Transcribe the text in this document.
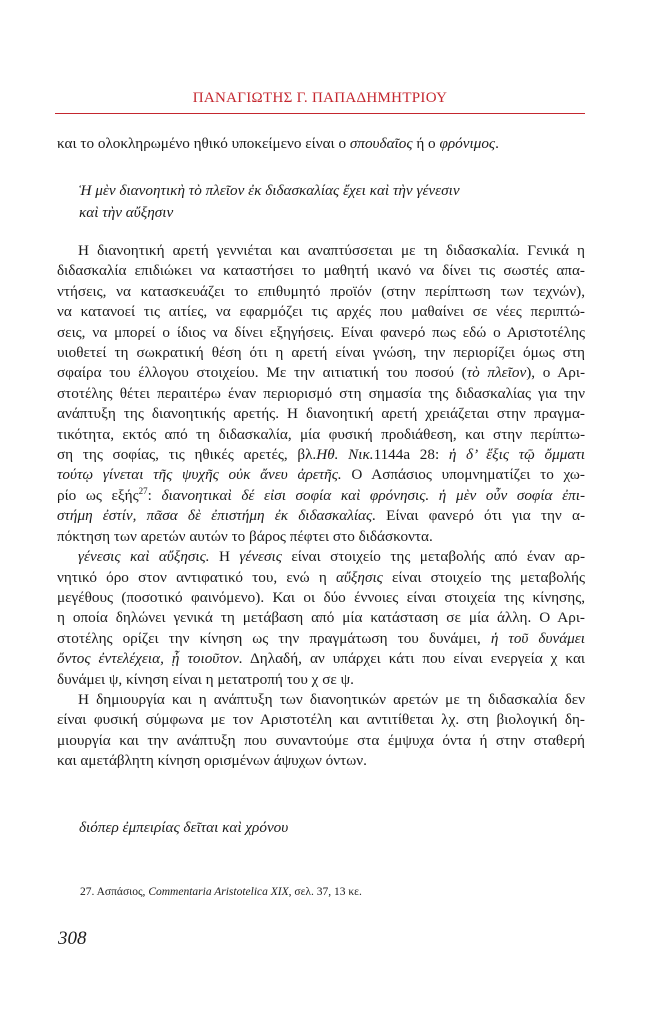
ΠΑΝΑΓΙΩΤΗΣ Γ. ΠΑΠΑΔΗΜΗΤΡΙΟΥ
και το ολοκληρωμένο ηθικό υποκείμενο είναι ο σπουδαῖος ή ο φρόνιμος.
Ἡ μὲν διανοητικὴ τὸ πλεῖον ἐκ διδασκαλίας ἔχει καὶ τὴν γένεσιν
καὶ τὴν αὔξησιν
Η διανοητική αρετή γεννιέται και αναπτύσσεται με τη διδασκαλία. Γενικά η
διδασκαλία επιδιώκει να καταστήσει το μαθητή ικανό να δίνει τις σωστές απα-
ντήσεις, να κατασκευάζει το επιθυμητό προϊόν (στην περίπτωση των τεχνών),
να κατανοεί τις αιτίες, να εφαρμόζει τις αρχές που μαθαίνει σε νέες περιπτώ-
σεις, να μπορεί ο ίδιος να δίνει εξηγήσεις. Είναι φανερό πως εδώ ο Αριστοτέλης
υιοθετεί τη σωκρατική θέση ότι η αρετή είναι γνώση, την περιορίζει όμως στη
σφαίρα του έλλογου στοιχείου. Με την αιτιατική του ποσού (τὸ πλεῖον), ο Αρι-
στοτέλης θέτει περαιτέρω έναν περιορισμό στη σημασία της διδασκαλίας για την
ανάπτυξη της διανοητικής αρετής. Η διανοητική αρετή χρειάζεται στην πραγμα-
τικότητα, εκτός από τη διδασκαλία, μία φυσική προδιάθεση, και στην περίπτω-
ση της σοφίας, τις ηθικές αρετές, βλ.Ηθ. Νικ.1144a 28: ἡ δ’ ἕξις τῷ ὄμματι
τούτῳ γίνεται τῆς ψυχῆς οὐκ ἄνευ ἀρετῆς. Ο Ασπάσιος υπομνηματίζει το χω-
ρίο ως εξής$^{27}$: διανοητικαὶ δέ εἰσι σοφία καὶ φρόνησις. ἡ μὲν οὖν σοφία ἐπι-
στήμη ἐστίν, πᾶσα δὲ ἐπιστήμη ἐκ διδασκαλίας. Είναι φανερό ότι για την α-
πόκτηση των αρετών αυτών το βάρος πέφτει στο διδάσκοντα.
γένεσις καὶ αὔξησις. Η γένεσις είναι στοιχείο της μεταβολής από έναν αρ-
νητικό όρο στον αντιφατικό του, ενώ η αὔξησις είναι στοιχείο της μεταβολής
μεγέθους (ποσοτικό φαινόμενο). Και οι δύο έννοιες είναι στοιχεία της κίνησης,
η οποία δηλώνει γενικά τη μετάβαση από μία κατάσταση σε μία άλλη. Ο Αρι-
στοτέλης ορίζει την κίνηση ως την πραγμάτωση του δυνάμει, ἡ τοῦ δυνάμει
ὄντος ἐντελέχεια, ᾗ τοιοῦτον. Δηλαδή, αν υπάρχει κάτι που είναι ενεργεία χ και
δυνάμει ψ, κίνηση είναι η μετατροπή του χ σε ψ.
Η δημιουργία και η ανάπτυξη των διανοητικών αρετών με τη διδασκαλία δεν
είναι φυσική σύμφωνα με τον Αριστοτέλη και αντιτίθεται λχ. στη βιολογική δη-
μιουργία και την ανάπτυξη που συναντούμε στα έμψυχα όντα ή στην σταθερή
και αμετάβλητη κίνηση ορισμένων άψυχων όντων.
διόπερ ἐμπειρίας δεῖται καὶ χρόνου
27. Ασπάσιος, Commentaria Aristotelica XIX, σελ. 37, 13 κε.
308
